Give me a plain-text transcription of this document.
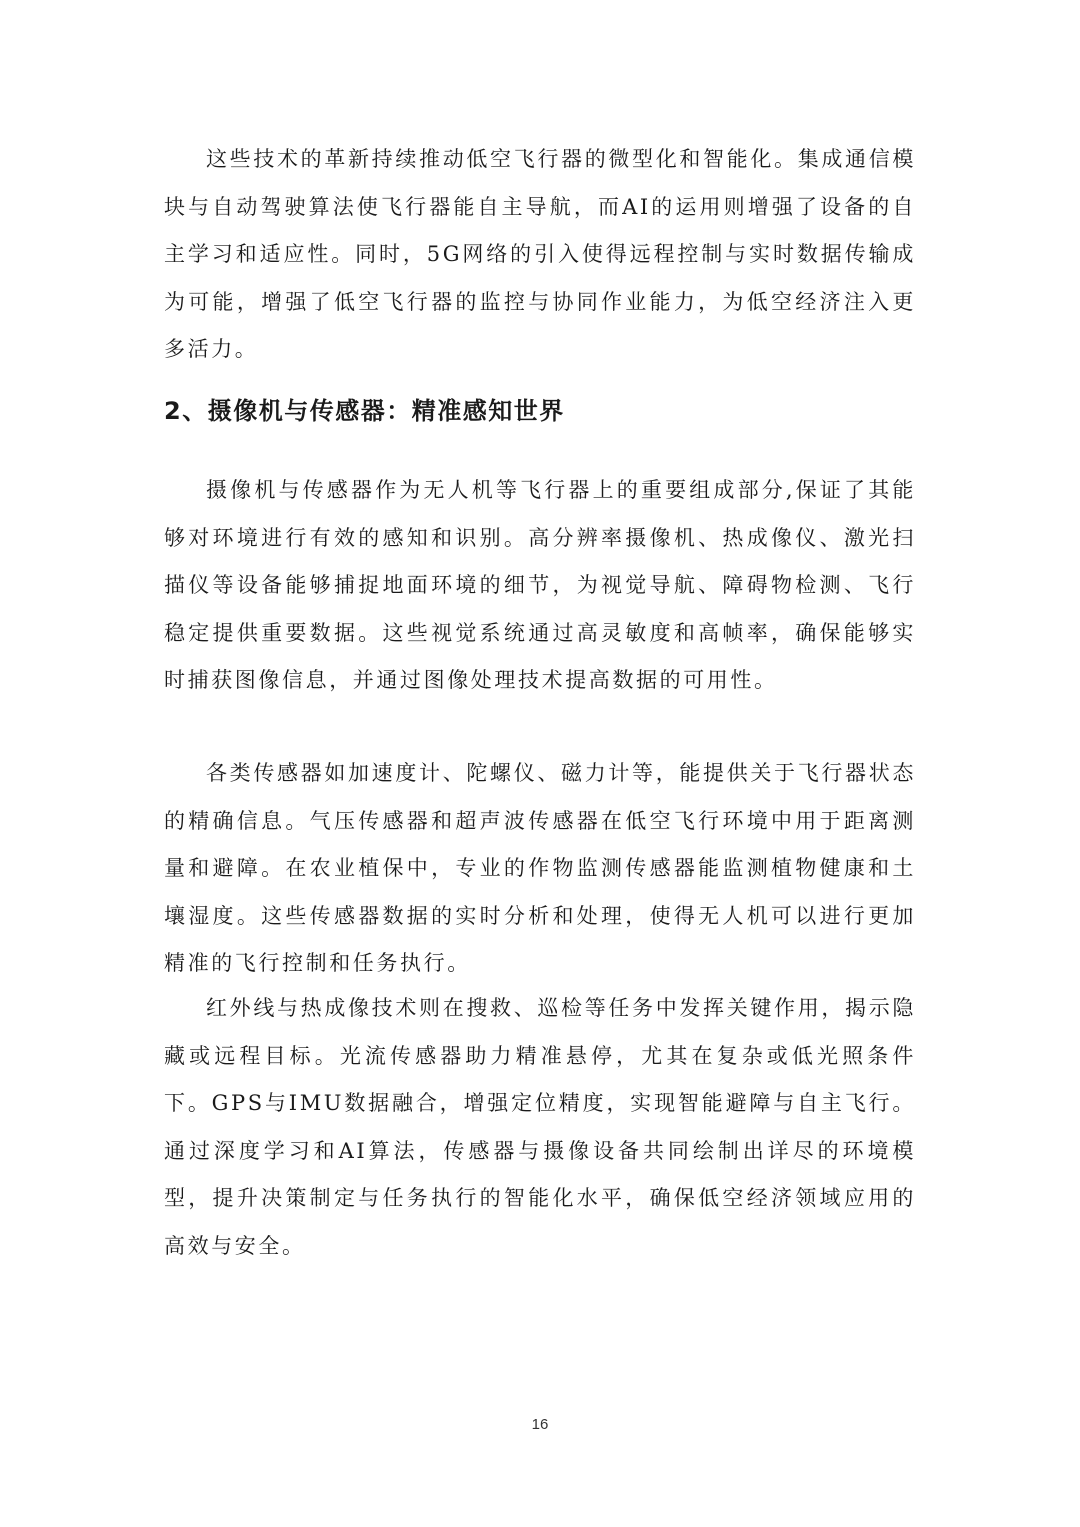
这些技术的革新持续推动低空飞行器的微型化和智能化。集成通信模块与自动驾驶算法使飞行器能自主导航，而AI的运用则增强了设备的自主学习和适应性。同时，5G网络的引入使得远程控制与实时数据传输成为可能，增强了低空飞行器的监控与协同作业能力，为低空经济注入更多活力。

2、摄像机与传感器：精准感知世界

摄像机与传感器作为无人机等飞行器上的重要组成部分,保证了其能够对环境进行有效的感知和识别。高分辨率摄像机、热成像仪、激光扫描仪等设备能够捕捉地面环境的细节，为视觉导航、障碍物检测、飞行稳定提供重要数据。这些视觉系统通过高灵敏度和高帧率，确保能够实时捕获图像信息，并通过图像处理技术提高数据的可用性。

各类传感器如加速度计、陀螺仪、磁力计等，能提供关于飞行器状态的精确信息。气压传感器和超声波传感器在低空飞行环境中用于距离测量和避障。在农业植保中，专业的作物监测传感器能监测植物健康和土壤湿度。这些传感器数据的实时分析和处理，使得无人机可以进行更加精准的飞行控制和任务执行。

红外线与热成像技术则在搜救、巡检等任务中发挥关键作用，揭示隐藏或远程目标。光流传感器助力精准悬停，尤其在复杂或低光照条件下。GPS与IMU数据融合，增强定位精度，实现智能避障与自主飞行。通过深度学习和AI算法，传感器与摄像设备共同绘制出详尽的环境模型，提升决策制定与任务执行的智能化水平，确保低空经济领域应用的高效与安全。

16
